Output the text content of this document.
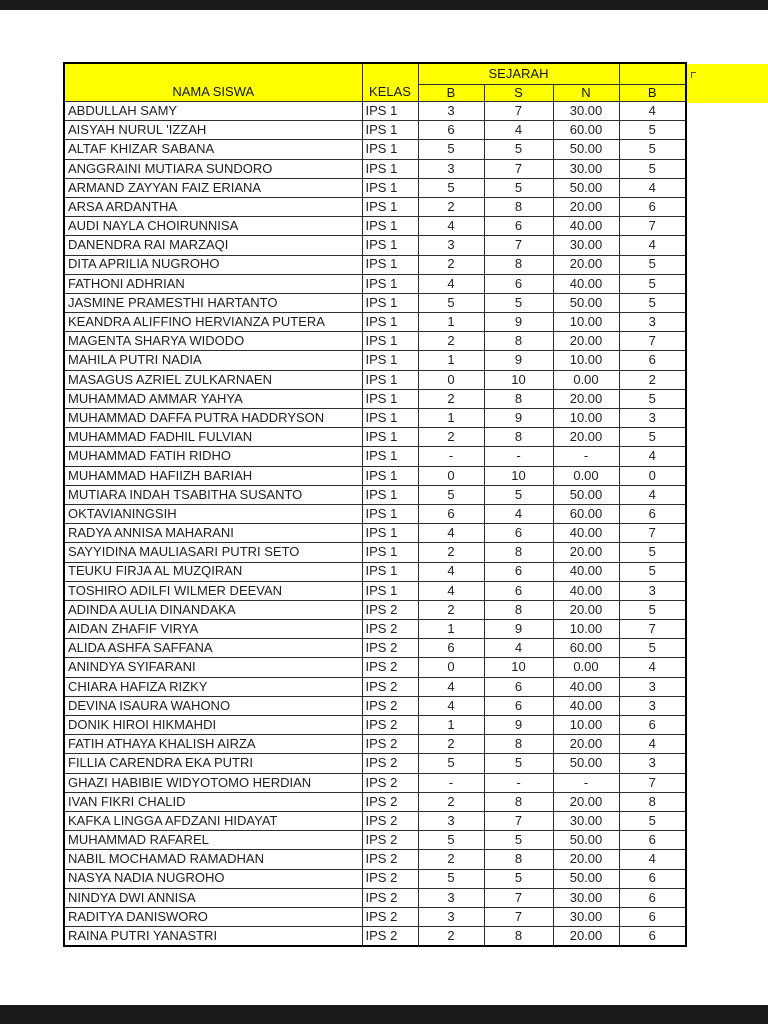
NAMA SISWA	KELAS	SEJARAH			
		B	S	N	B
ABDULLAH SAMY	IPS 1	3	7	30.00	4
AISYAH NURUL 'IZZAH	IPS 1	6	4	60.00	5
ALTAF KHIZAR SABANA	IPS 1	5	5	50.00	5
ANGGRAINI MUTIARA SUNDORO	IPS 1	3	7	30.00	5
ARMAND ZAYYAN FAIZ ERIANA	IPS 1	5	5	50.00	4
ARSA ARDANTHA	IPS 1	2	8	20.00	6
AUDI NAYLA CHOIRUNNISA	IPS 1	4	6	40.00	7
DANENDRA RAI MARZAQI	IPS 1	3	7	30.00	4
DITA APRILIA NUGROHO	IPS 1	2	8	20.00	5
FATHONI ADHRIAN	IPS 1	4	6	40.00	5
JASMINE PRAMESTHI HARTANTO	IPS 1	5	5	50.00	5
KEANDRA ALIFFINO HERVIANZA PUTERA	IPS 1	1	9	10.00	3
MAGENTA SHARYA WIDODO	IPS 1	2	8	20.00	7
MAHILA PUTRI NADIA	IPS 1	1	9	10.00	6
MASAGUS AZRIEL ZULKARNAEN	IPS 1	0	10	0.00	2
MUHAMMAD AMMAR YAHYA	IPS 1	2	8	20.00	5
MUHAMMAD DAFFA PUTRA HADDRYSON	IPS 1	1	9	10.00	3
MUHAMMAD FADHIL FULVIAN	IPS 1	2	8	20.00	5
MUHAMMAD FATIH RIDHO	IPS 1	-	-	-	4
MUHAMMAD HAFIIZH BARIAH	IPS 1	0	10	0.00	0
MUTIARA INDAH TSABITHA SUSANTO	IPS 1	5	5	50.00	4
OKTAVIANINGSIH	IPS 1	6	4	60.00	6
RADYA ANNISA MAHARANI	IPS 1	4	6	40.00	7
SAYYIDINA MAULIASARI PUTRI SETO	IPS 1	2	8	20.00	5
TEUKU FIRJA AL MUZQIRAN	IPS 1	4	6	40.00	5
TOSHIRO ADILFI WILMER DEEVAN	IPS 1	4	6	40.00	3
ADINDA AULIA DINANDAKA	IPS 2	2	8	20.00	5
AIDAN ZHAFIF VIRYA	IPS 2	1	9	10.00	7
ALIDA ASHFA SAFFANA	IPS 2	6	4	60.00	5
ANINDYA SYIFARANI	IPS 2	0	10	0.00	4
CHIARA HAFIZA RIZKY	IPS 2	4	6	40.00	3
DEVINA ISAURA WAHONO	IPS 2	4	6	40.00	3
DONIK HIROI HIKMAHDI	IPS 2	1	9	10.00	6
FATIH ATHAYA KHALISH AIRZA	IPS 2	2	8	20.00	4
FILLIA CARENDRA EKA PUTRI	IPS 2	5	5	50.00	3
GHAZI HABIBIE WIDYOTOMO HERDIAN	IPS 2	-	-	-	7
IVAN FIKRI CHALID	IPS 2	2	8	20.00	8
KAFKA LINGGA AFDZANI HIDAYAT	IPS 2	3	7	30.00	5
MUHAMMAD RAFAREL	IPS 2	5	5	50.00	6
NABIL MOCHAMAD RAMADHAN	IPS 2	2	8	20.00	4
NASYA NADIA NUGROHO	IPS 2	5	5	50.00	6
NINDYA DWI ANNISA	IPS 2	3	7	30.00	6
RADITYA DANISWORO	IPS 2	3	7	30.00	6
RAINA PUTRI YANASTRI	IPS 2	2	8	20.00	6
